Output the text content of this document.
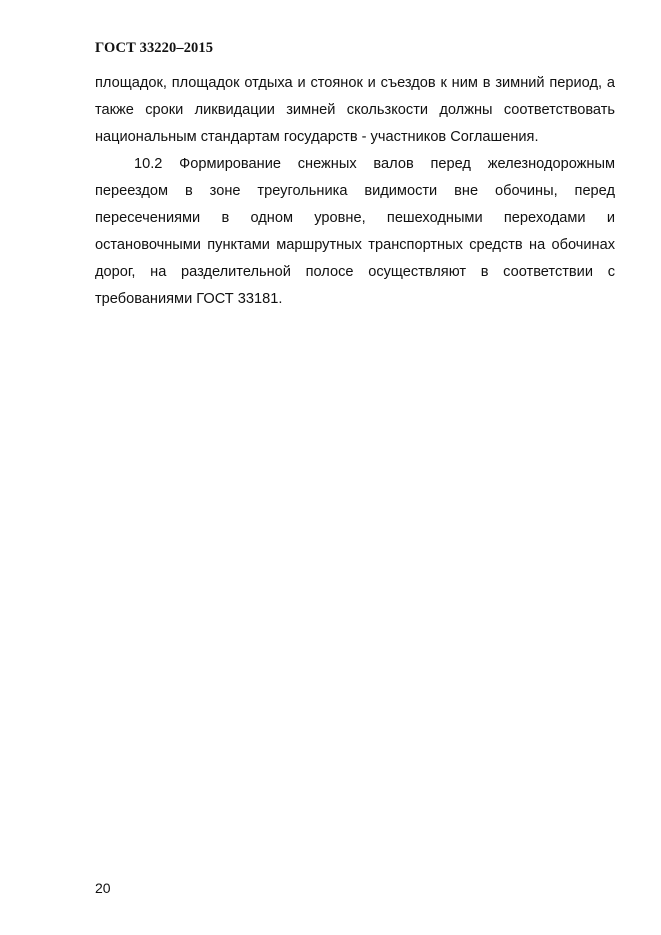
ГОСТ 33220–2015

площадок, площадок отдыха и стоянок и съездов к ним в зимний период, а также сроки ликвидации зимней скользкости должны соответствовать национальным стандартам государств - участников Соглашения.

10.2 Формирование снежных валов перед железнодорожным переездом в зоне треугольника видимости вне обочины, перед пересечениями в одном уровне, пешеходными переходами и остановочными пунктами маршрутных транспортных средств на обочинах дорог, на разделительной полосе осуществляют в соответствии с требованиями ГОСТ 33181.

20
